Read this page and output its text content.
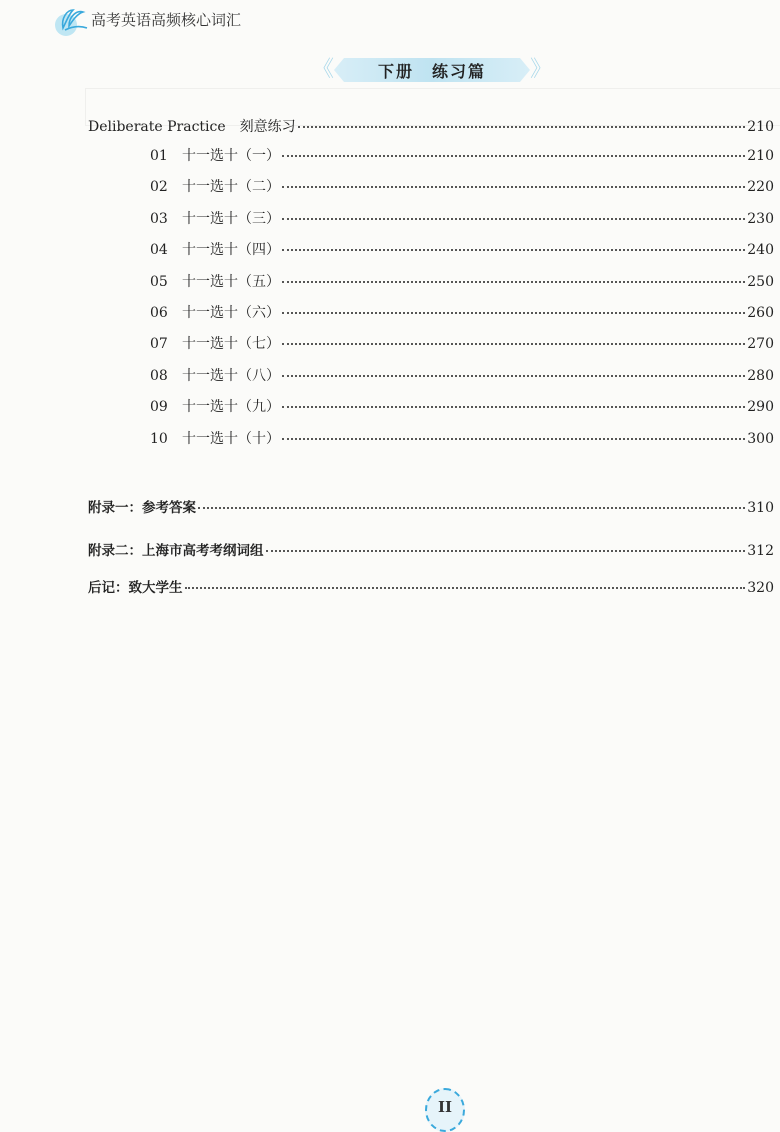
高考英语高频核心词汇
《	下册　练习篇 》
Deliberate Practice　刻意练习	210
01	十一选十（一）	210
02	十一选十（二）	220
03	十一选十（三）	230
04	十一选十（四）	240
05	十一选十（五）	250
06	十一选十（六）	260
07	十一选十（七）	270
08	十一选十（八）	280
09	十一选十（九）	290
10	十一选十（十）	300
附录一：参考答案	310
附录二：上海市高考考纲词组	312
后记：致大学生	320
II
